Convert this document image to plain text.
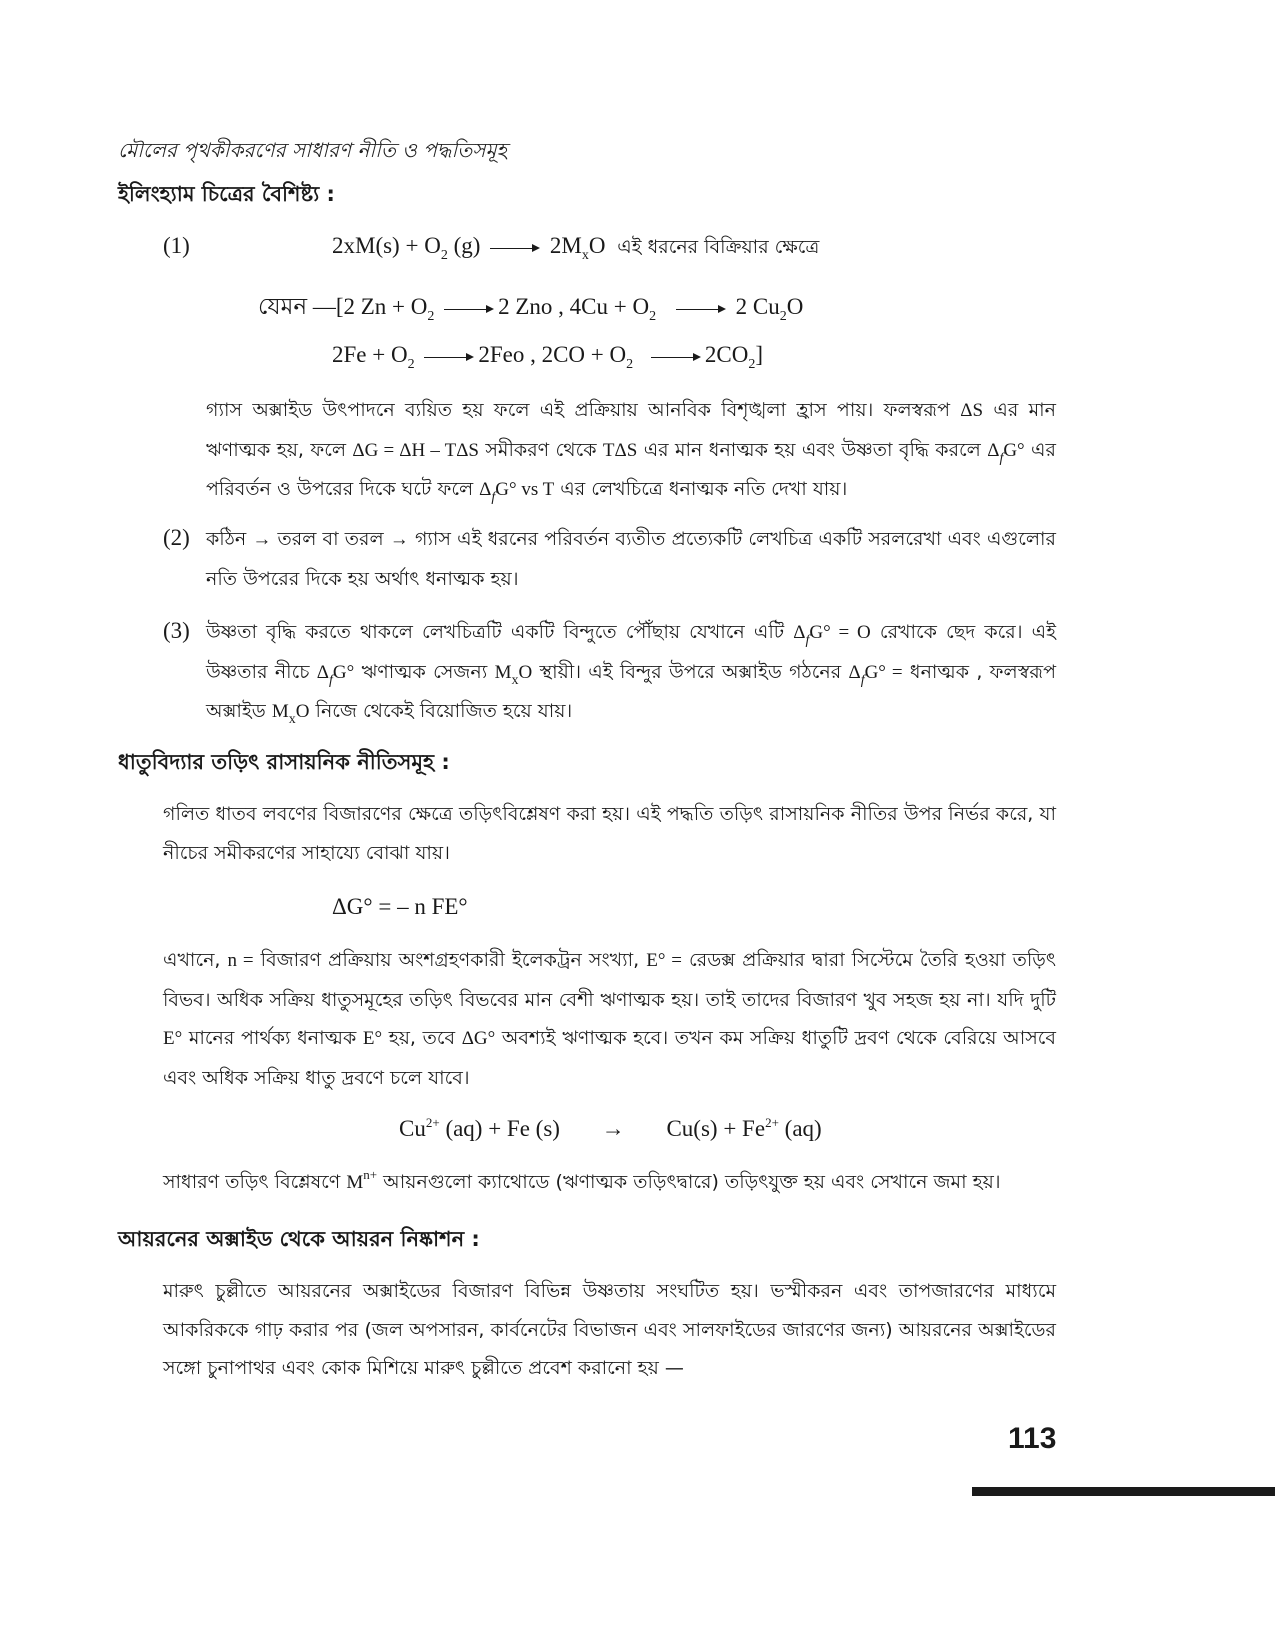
মৌলের পৃথকীকরণের সাধারণ নীতি ও পদ্ধতিসমূহ
ইলিংহ্যাম চিত্রের বৈশিষ্ট্য :
(1)	$2xM(s) + O_2$ (g)	$2M_xO$ এই ধরনের বিক্রিয়ার ক্ষেত্রে
যেমন —[2 $Zn + O_2$	2 Zno , $4Cu + O_2$	2 $Cu_2O$
$2Fe + O_2$	2Feo , $2CO + O_2$	$2CO_2$]
গ্যাস অক্সাইড উৎপাদনে ব্যয়িত হয় ফলে এই প্রক্রিয়ায় আনবিক বিশৃঙ্খলা হ্রাস পায়। ফলস্বরূপ ΔS এর মান ঋণাত্মক হয়, ফলে ΔG = ΔH – TΔS সমীকরণ থেকে TΔS এর মান ধনাত্মক হয় এবং উষ্ণতা বৃদ্ধি করলে $\Delta_fG^\circ$ এর পরিবর্তন ও উপরের দিকে ঘটে ফলে $\Delta_fG^\circ$ vs T এর লেখচিত্রে ধনাত্মক নতি দেখা যায়।
(2) কঠিন → তরল বা তরল → গ্যাস এই ধরনের পরিবর্তন ব্যতীত প্রত্যেকটি লেখচিত্র একটি সরলরেখা এবং এগুলোর নতি উপরের দিকে হয় অর্থাৎ ধনাত্মক হয়।
(3) উষ্ণতা বৃদ্ধি করতে থাকলে লেখচিত্রটি একটি বিন্দুতে পৌঁছায় যেখানে এটি $\Delta_fG^\circ = O$ রেখাকে ছেদ করে। এই উষ্ণতার নীচে $\Delta_fG^\circ$ ঋণাত্মক সেজন্য $M_xO$ স্থায়ী। এই বিন্দুর উপরে অক্সাইড গঠনের $\Delta_fG^\circ$ = ধনাত্মক , ফলস্বরূপ অক্সাইড $M_xO$ নিজে থেকেই বিয়োজিত হয়ে যায়।
ধাতুবিদ্যার তড়িৎ রাসায়নিক নীতিসমূহ :
গলিত ধাতব লবণের বিজারণের ক্ষেত্রে তড়িৎবিশ্লেষণ করা হয়। এই পদ্ধতি তড়িৎ রাসায়নিক নীতির উপর নির্ভর করে, যা নীচের সমীকরণের সাহায্যে বোঝা যায়।
ΔG° = – n FE°
এখানে, n = বিজারণ প্রক্রিয়ায় অংশগ্রহণকারী ইলেকট্রন সংখ্যা, E° = রেডক্স প্রক্রিয়ার দ্বারা সিস্টেমে তৈরি হওয়া তড়িৎ বিভব। অধিক সক্রিয় ধাতুসমূহের তড়িৎ বিভবের মান বেশী ঋণাত্মক হয়। তাই তাদের বিজারণ খুব সহজ হয় না। যদি দুটি E° মানের পার্থক্য ধনাত্মক E° হয়, তবে ΔG° অবশ্যই ঋণাত্মক হবে। তখন কম সক্রিয় ধাতুটি দ্রবণ থেকে বেরিয়ে আসবে এবং অধিক সক্রিয় ধাতু দ্রবণে চলে যাবে।
$Cu^{2+}$ (aq) + Fe $(s) \to Cu(s) + Fe^{2+}$ (aq)
সাধারণ তড়িৎ বিশ্লেষণে $M^{n+}$ আয়নগুলো ক্যাথোডে (ঋণাত্মক তড়িৎদ্বারে) তড়িৎযুক্ত হয় এবং সেখানে জমা হয়।
আয়রনের অক্সাইড থেকে আয়রন নিষ্কাশন :
মারুৎ চুল্লীতে আয়রনের অক্সাইডের বিজারণ বিভিন্ন উষ্ণতায় সংঘটিত হয়। ভস্মীকরন এবং তাপজারণের মাধ্যমে আকরিককে গাঢ় করার পর (জল অপসারন, কার্বনেটের বিভাজন এবং সালফাইডের জারণের জন্য) আয়রনের অক্সাইডের সঙ্গো চুনাপাথর এবং কোক মিশিয়ে মারুৎ চুল্লীতে প্রবেশ করানো হয় —
113
